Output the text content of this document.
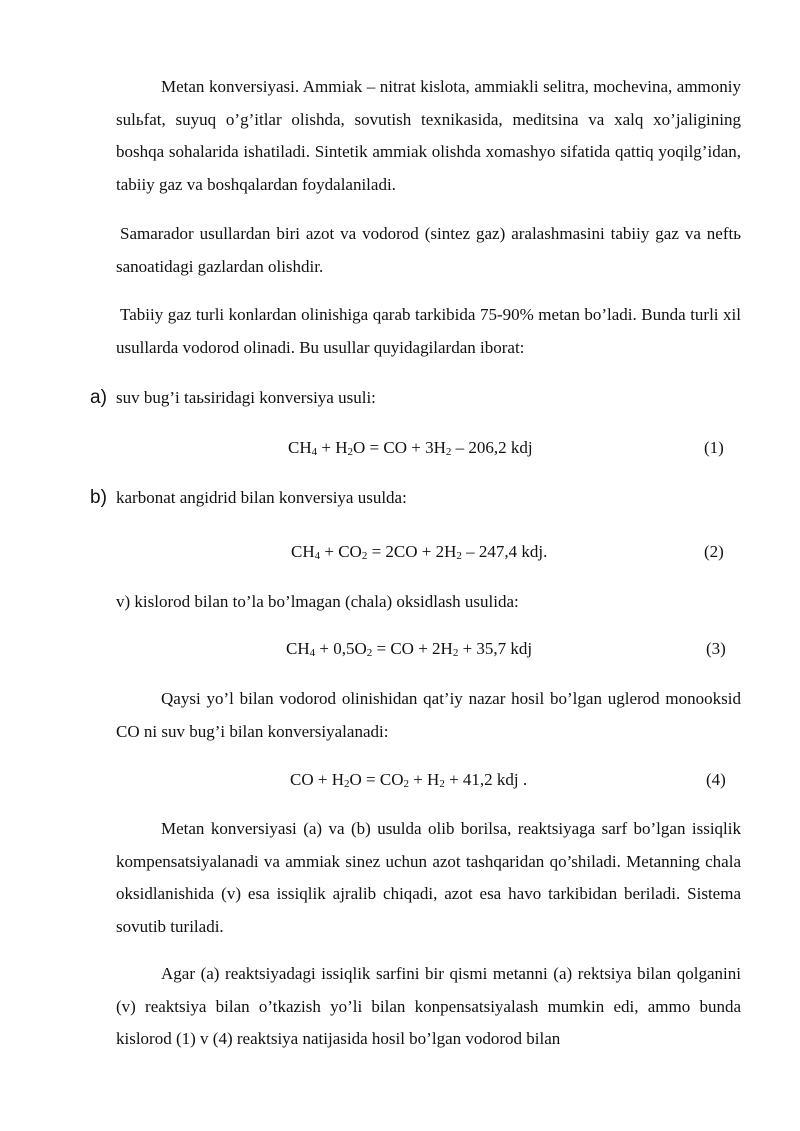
Metan konversiyasi. Ammiak – nitrat kislota, ammiakli selitra, mochevina, ammoniy sulьfat, suyuq o’g’itlar olishda, sovutish texnikasida, meditsina va xalq xo’jaligining boshqa sohalarida ishatiladi. Sintetik ammiak olishda xomashyo sifatida qattiq yoqilg’idan, tabiiy gaz va boshqalardan foydalaniladi.

Samarador usullardan biri azot va vodorod (sintez gaz) aralashmasini tabiiy gaz va neftь sanoatidagi gazlardan olishdir.

Tabiiy gaz turli konlardan olinishiga qarab tarkibida 75-90% metan bo’ladi. Bunda turli xil usullarda vodorod olinadi. Bu usullar quyidagilardan iborat:

a) suv bug’i taьsiridagi konversiya usuli:

$CH_4 + H_2O$ = CO + $3H_2 - 206,2$ kdj	(1)
b) karbonat angidrid bilan konversiya usulda:

$CH_4 + CO_2 = 2CO + 2H_2 - 247,4$ kdj.	(2)

v) kislorod bilan to’la bo’lmagan (chala) oksidlash usulida:

$CH_4 + 0,5O_2$ = CO + $2H_2 + 35,7$ kdj	(3)

Qaysi yo’l bilan vodorod olinishidan qat’iy nazar hosil bo’lgan uglerod monooksid CO ni suv bug’i bilan konversiyalanadi:

CO + $H_2O = CO_2 + H_2 + 41,2$ kdj .	(4)

Metan konversiyasi (a) va (b) usulda olib borilsa, reaktsiyaga sarf bo’lgan issiqlik kompensatsiyalanadi va ammiak sinez uchun azot tashqaridan qo’shiladi. Metanning chala oksidlanishida (v) esa issiqlik ajralib chiqadi, azot esa havo tarkibidan beriladi. Sistema sovutib turiladi.

Agar (a) reaktsiyadagi issiqlik sarfini bir qismi metanni (a) rektsiya bilan qolganini (v) reaktsiya bilan o’tkazish yo’li bilan konpensatsiyalash mumkin edi, ammo bunda kislorod (1) v (4) reaktsiya natijasida hosil bo’lgan vodorod bilan
